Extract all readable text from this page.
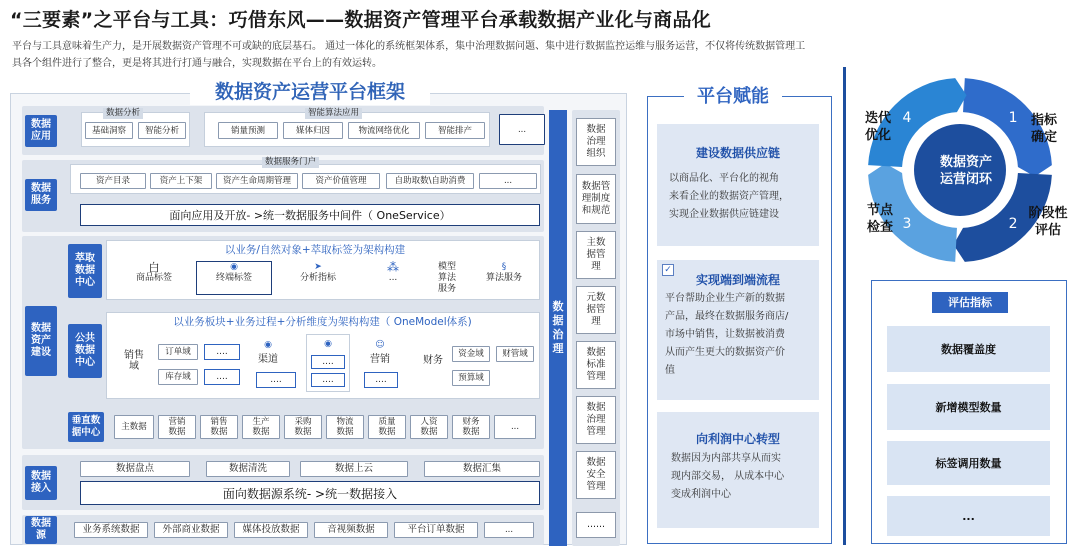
“三要素”之平台与工具：巧借东风——数据资产管理平台承载数据产业化与商品化
平台与工具意味着生产力，是开展数据资产管理不可或缺的底层基石。 通过一体化的系统框架体系，集中治理数据问题、集中进行数据监控运维与服务运营，不仅将传统数据管理工具各个组件进行了整合，更是将其进行打通与融合，实现数据在平台上的有效运转。
数据资产运营平台框架
数据
应用
数据分析
基础洞察	智能分析
智能算法应用
销量预测	媒体归因	物流网络优化	智能排产	...
数据
服务
数据服务门户
资产目录	资产上下架	资产生命周期管理	资产价值管理	自助取数\自助消费	...
面向应用及开放- >统一数据服务中间件（ OneService）
数据
资产
建设
萃取
数据
中心
以业务/自然对象+萃取标签为架构构建
白
商品标签
◉
终端标签
➤
分析指标
⁂
...
模型
算法
服务
§
算法服务
公共
数据
中心
以业务板块+业务过程+分析维度为架构构建（ OneModel体系)
销售
域
订单域
库存域
....
....
◉
渠道
....
◉
....
....
☺
营销
....
财务
资金域	财管域
预算域
垂直数
据中心	主数据	营销
数据
销售
数据
生产
数据
采购
数据
物流
数据
质量
数据
人资
数据
财务
数据	...
数据
接入
数据盘点	数据清洗	数据上云	数据汇集
面向数据源系统- >统一数据接入
数据
源
业务系统数据	外部商业数据	媒体投放数据	音视频数据	平台订单数据	...
数
据
治
理
数据
治理
组织
数据管
理制度
和规范
主数
据管
理
元数
据管
理
数据
标准
管理
数据
治理
管理
数据
安全
管理
......
平台赋能
建设数据供应链
以商品化、平台化的视角
来看企业的数据资产管理，
实现企业数据供应链建设
✓
实现端到端流程
平台帮助企业生产新的数据
产品，最终在数据服务商店/
市场中销售，让数据被消费
从而产生更大的数据资产价
值
向利润中心转型
数据因为内部共享从而实
现内部交易， 从成本中心
变成利润中心
1
2
3
4
数据资产
运营闭环
指标
确定
阶段性
评估
节点
检查
迭代
优化
评估指标
数据覆盖度
新增模型数量
标签调用数量
...
